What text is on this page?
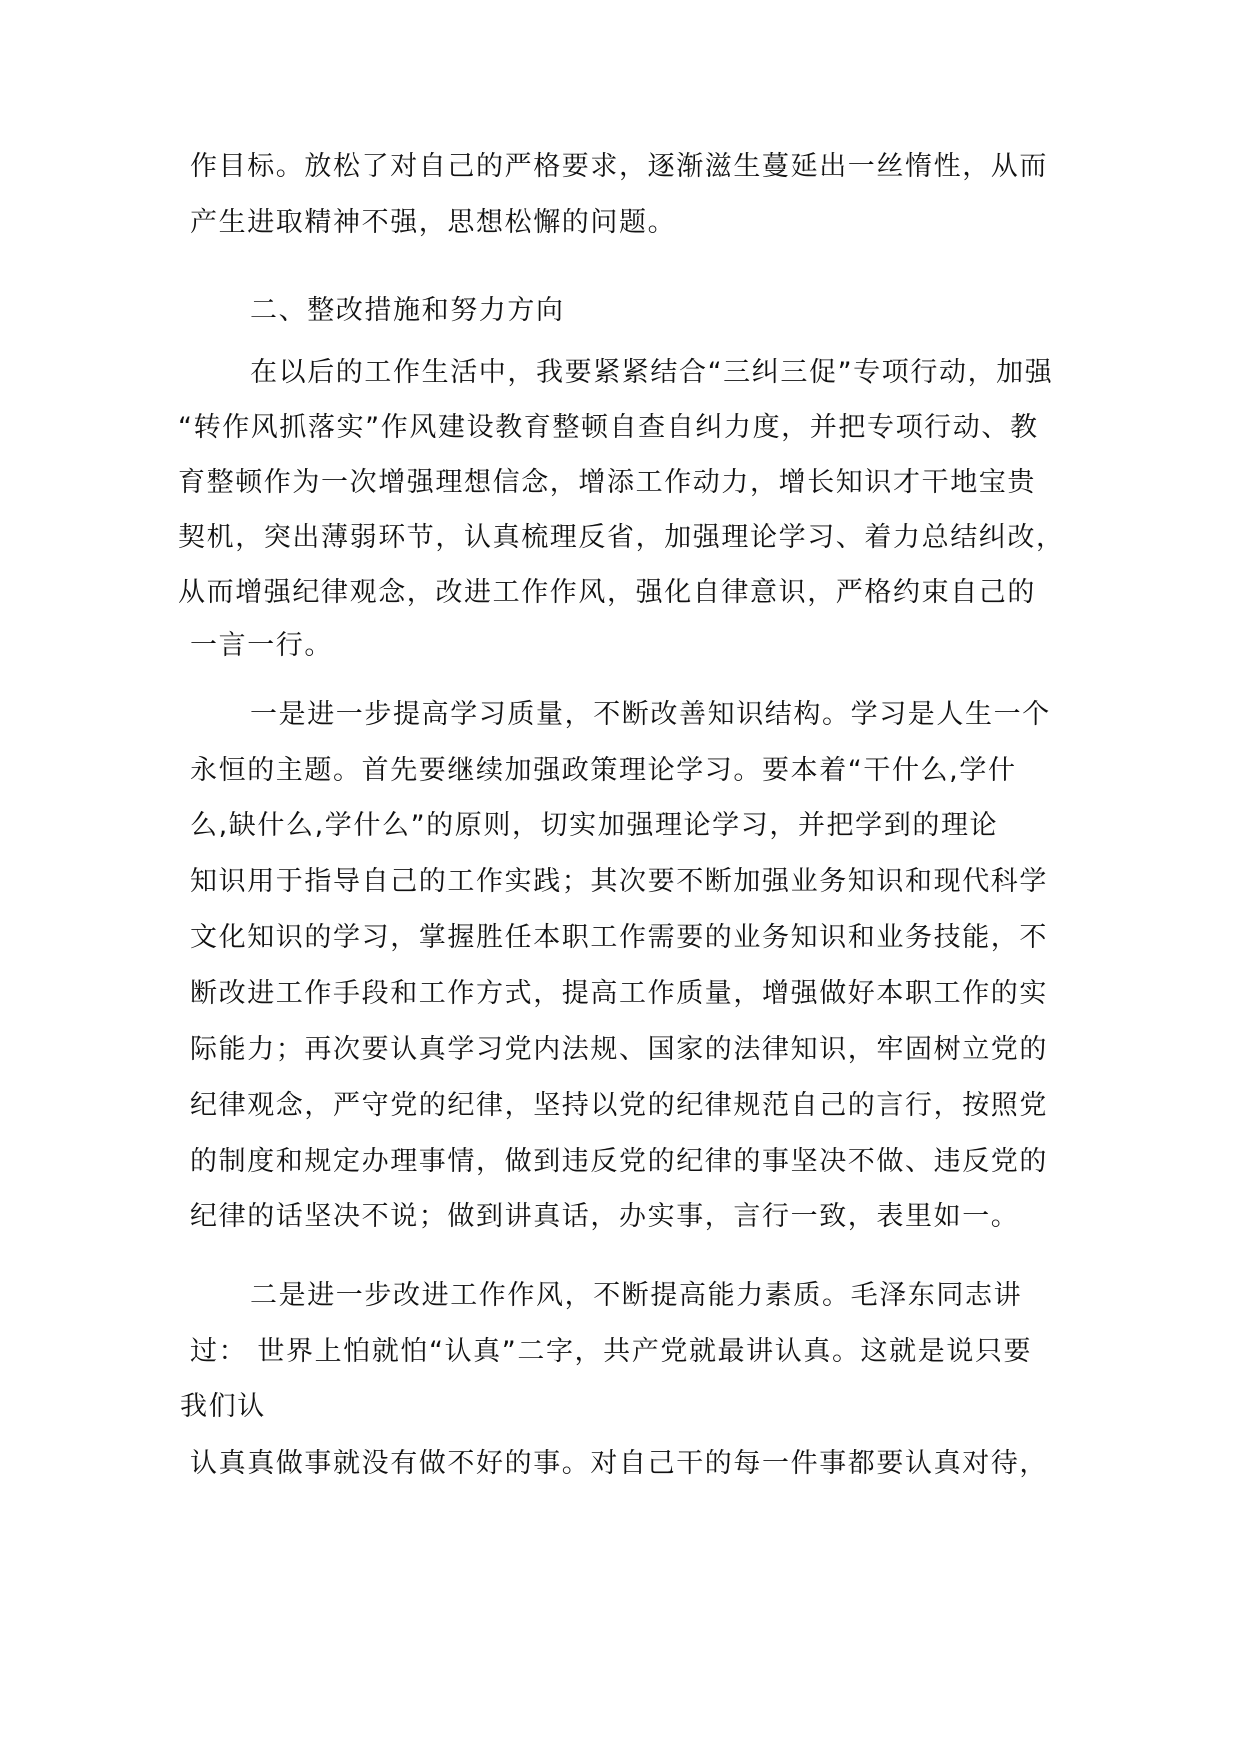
作目标。放松了对自己的严格要求，逐渐滋生蔓延出一丝惰性，从而
产生进取精神不强，思想松懈的问题。
二、整改措施和努力方向
在以后的工作生活中，我要紧紧结合“三纠三促”专项行动，加强
“转作风抓落实”作风建设教育整顿自查自纠力度，并把专项行动、教
育整顿作为一次增强理想信念，增添工作动力，增长知识才干地宝贵
契机，突出薄弱环节，认真梳理反省，加强理论学习、着力总结纠改，
从而增强纪律观念，改进工作作风，强化自律意识，严格约束自己的
一言一行。
一是进一步提高学习质量，不断改善知识结构。学习是人生一个
永恒的主题。首先要继续加强政策理论学习。要本着“干什么,学什
么,缺什么,学什么”的原则，切实加强理论学习，并把学到的理论
知识用于指导自己的工作实践；其次要不断加强业务知识和现代科学
文化知识的学习，掌握胜任本职工作需要的业务知识和业务技能，不
断改进工作手段和工作方式，提高工作质量，增强做好本职工作的实
际能力；再次要认真学习党内法规、国家的法律知识，牢固树立党的
纪律观念，严守党的纪律，坚持以党的纪律规范自己的言行，按照党
的制度和规定办理事情，做到违反党的纪律的事坚决不做、违反党的
纪律的话坚决不说；做到讲真话，办实事，言行一致，表里如一。
二是进一步改进工作作风，不断提高能力素质。毛泽东同志讲
过： 世界上怕就怕“认真”二字，共产党就最讲认真。这就是说只要
我们认
认真真做事就没有做不好的事。对自己干的每一件事都要认真对待，
